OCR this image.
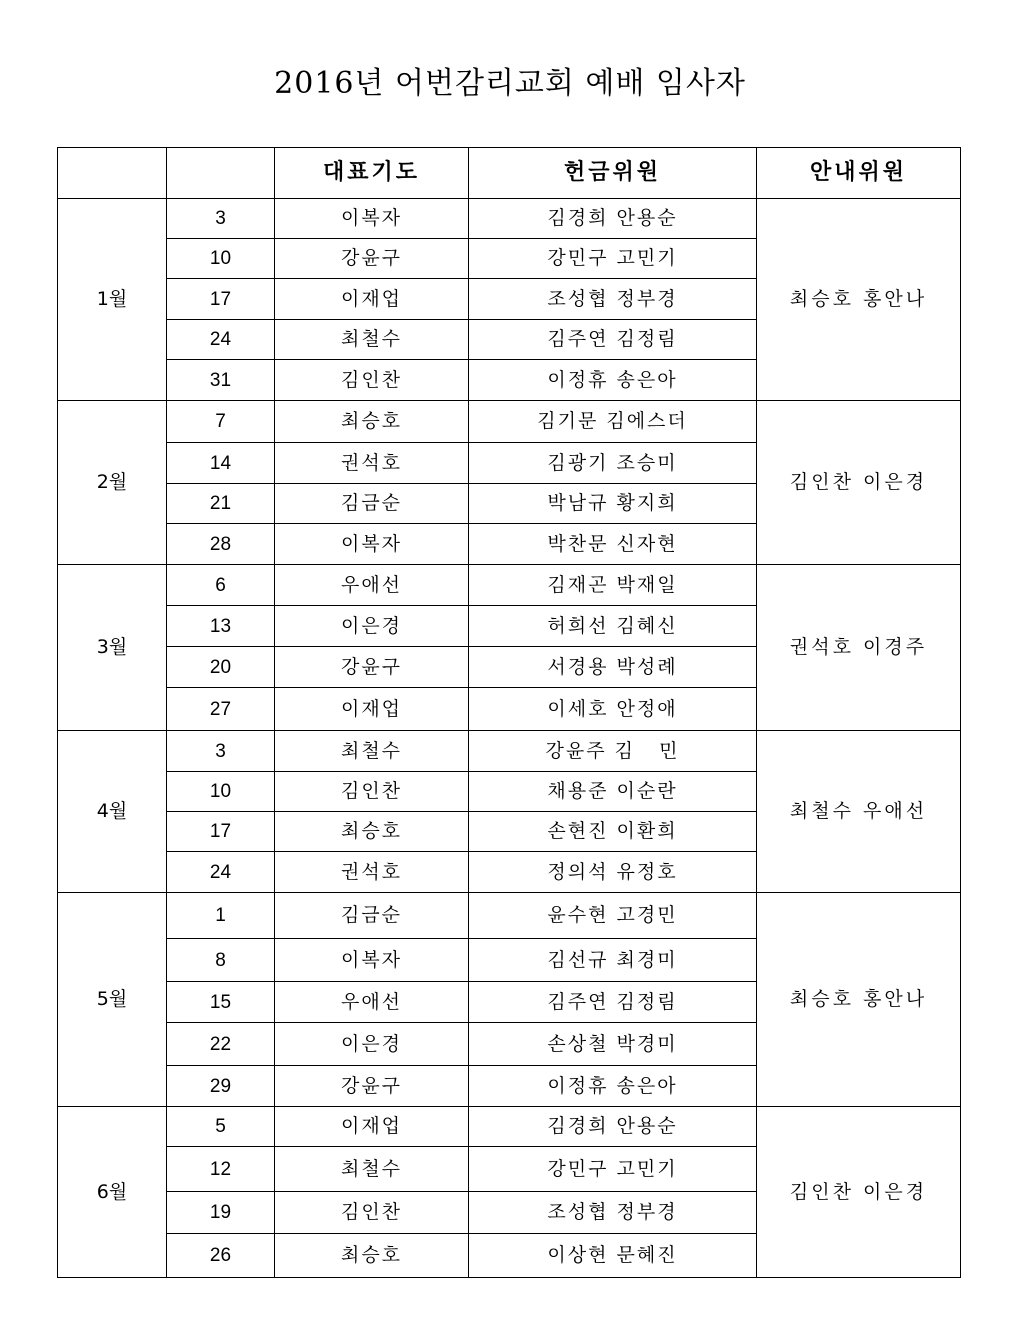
2016년 어번감리교회 예배 임사자
		대표기도	헌금위원	안내위원
1월	3	이복자	김경희 안용순	최승호 홍안나
	10	강윤구	강민구 고민기	
	17	이재업	조성협 정부경	
	24	최철수	김주연 김정림	
	31	김인찬	이정휴 송은아	
2월	7	최승호	김기문 김에스더	김인찬 이은경
	14	권석호	김광기 조승미	
	21	김금순	박남규 황지희	
	28	이복자	박찬문 신자현	
3월	6	우애선	김재곤 박재일	권석호 이경주
	13	이은경	허희선 김혜신	
	20	강윤구	서경용 박성례	
	27	이재업	이세호 안정애	
4월	3	최철수	강윤주 김   민	최철수 우애선
	10	김인찬	채용준 이순란	
	17	최승호	손현진 이환희	
	24	권석호	정의석 유정호	
5월	1	김금순	윤수현 고경민	최승호 홍안나
	8	이복자	김선규 최경미	
	15	우애선	김주연 김정림	
	22	이은경	손상철 박경미	
	29	강윤구	이정휴 송은아	
6월	5	이재업	김경희 안용순	김인찬 이은경
	12	최철수	강민구 고민기	
	19	김인찬	조성협 정부경	
	26	최승호	이상현 문혜진	
